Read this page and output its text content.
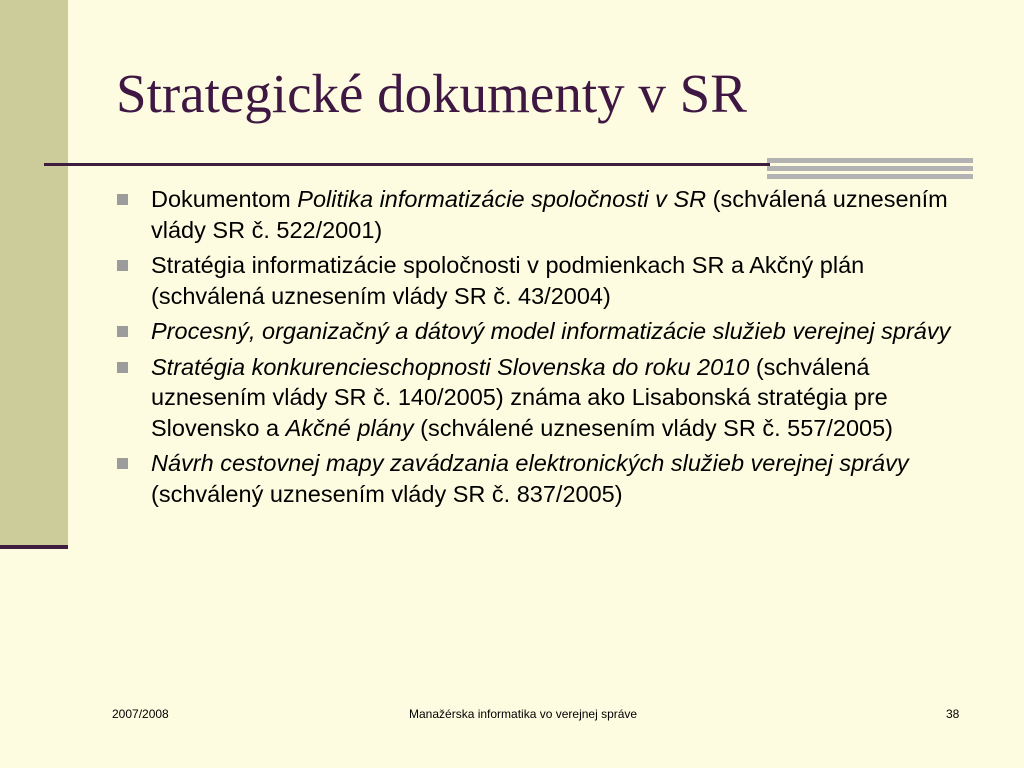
Strategické dokumenty v SR
Dokumentom Politika informatizácie spoločnosti v SR (schválená uznesením vlády SR č. 522/2001)
Stratégia informatizácie spoločnosti v podmienkach SR a Akčný plán (schválená uznesením vlády SR č. 43/2004)
Procesný, organizačný a dátový model informatizácie služieb verejnej správy
Stratégia konkurencieschopnosti Slovenska do roku 2010 (schválená uznesením vlády SR č. 140/2005) známa ako Lisabonská stratégia pre Slovensko a Akčné plány (schválené uznesením vlády SR č. 557/2005)
Návrh cestovnej mapy zavádzania elektronických služieb verejnej správy (schválený uznesením vlády SR č. 837/2005)
2007/2008	Manažérska informatika vo verejnej správe	38
